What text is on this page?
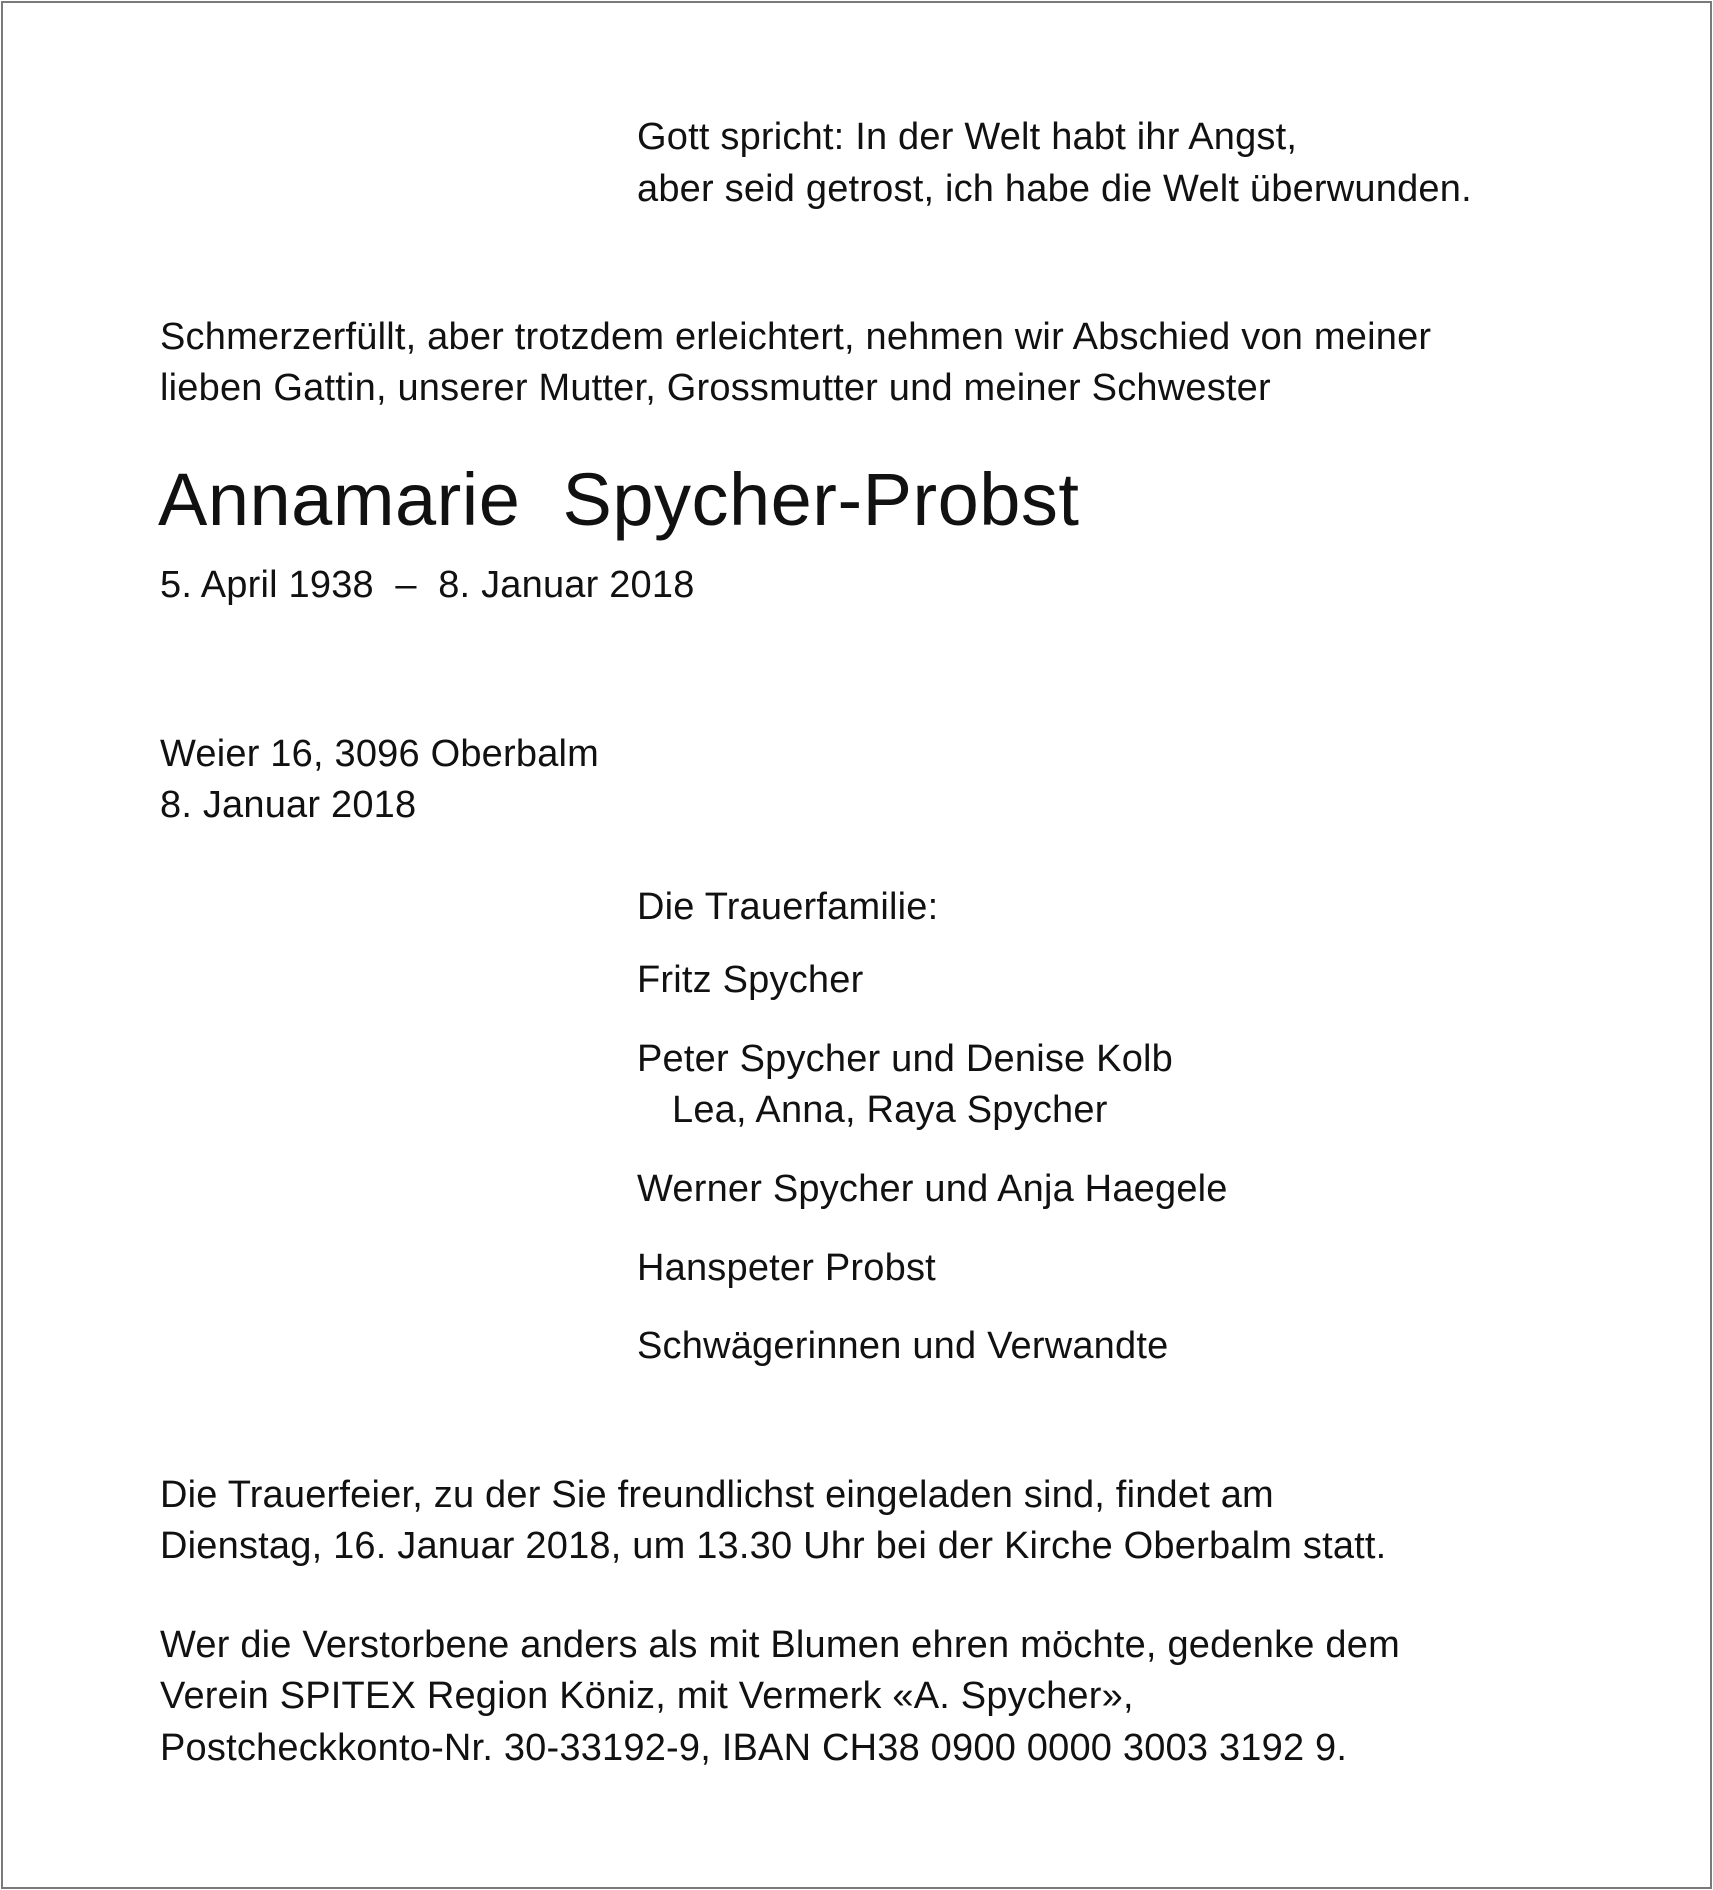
Gott spricht: In der Welt habt ihr Angst,
aber seid getrost, ich habe die Welt überwunden.
Schmerzerfüllt, aber trotzdem erleichtert, nehmen wir Abschied von meiner
lieben Gattin, unserer Mutter, Grossmutter und meiner Schwester
Annamarie  Spycher-Probst
5. April 1938  –  8. Januar 2018
Weier 16, 3096 Oberbalm
8. Januar 2018
Die Trauerfamilie:
Fritz Spycher
Peter Spycher und Denise Kolb
Lea, Anna, Raya Spycher
Werner Spycher und Anja Haegele
Hanspeter Probst
Schwägerinnen und Verwandte
Die Trauerfeier, zu der Sie freundlichst eingeladen sind, findet am
Dienstag, 16. Januar 2018, um 13.30 Uhr bei der Kirche Oberbalm statt.
Wer die Verstorbene anders als mit Blumen ehren möchte, gedenke dem
Verein SPITEX Region Köniz, mit Vermerk «A. Spycher»,
Postcheckkonto-Nr. 30-33192-9, IBAN CH38 0900 0000 3003 3192 9.
